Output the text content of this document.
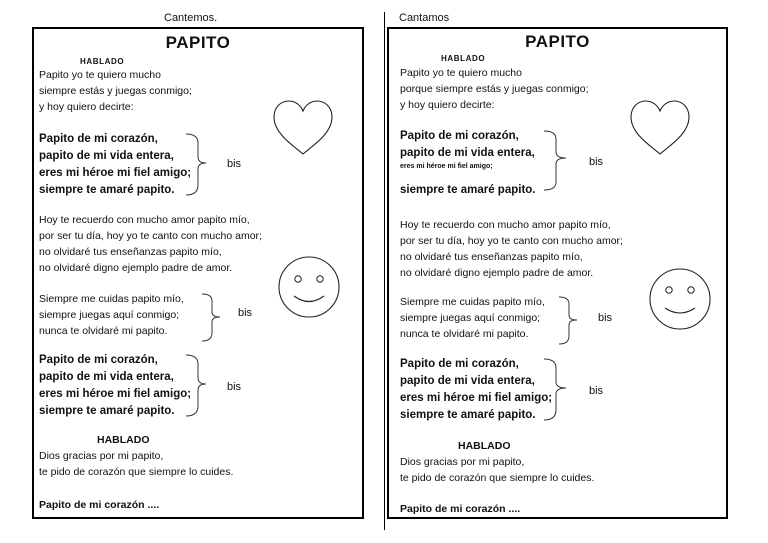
Cantemos.
PAPITO
HABLADO
Papito yo te quiero mucho
siempre estás y juegas conmigo;
y hoy quiero decirte:
Papito de mi corazón,
papito de mi vida entera,
eres mi héroe mi fiel amigo;
siempre te amaré papito.
bis
Hoy te recuerdo con mucho amor papito mío,
por ser tu día, hoy yo te canto con mucho amor;
no olvidaré tus enseñanzas papito mío,
no olvidaré digno ejemplo padre de amor.
Siempre me cuidas papito mío,
siempre juegas aquí conmigo;
nunca te olvidaré mi papito.
bis
Papito de mi corazón,
papito de mi vida entera,
eres mi héroe mi fiel amigo;
siempre te amaré papito.
bis
HABLADO
Dios gracias por mi papito,
te pido de corazón que siempre lo cuides.
Papito de mi corazón ....
Cantamos
PAPITO
HABLADO
Papito yo te quiero mucho
porque siempre estás y juegas conmigo;
y hoy quiero decirte:
Papito de mi corazón,
papito de mi vida entera,
eres mi héroe mi fiel amigo;
siempre te amaré papito.
bis
Hoy te recuerdo con mucho amor papito mío,
por ser tu día, hoy yo te canto con mucho amor;
no olvidaré tus enseñanzas papito mío,
no olvidaré digno ejemplo padre de amor.
Siempre me cuidas papito mío,
siempre juegas aquí conmigo;
nunca te olvidaré mi papito.
bis
Papito de mi corazón,
papito de mi vida entera,
eres mi héroe mi fiel amigo;
siempre te amaré papito.
bis
HABLADO
Dios gracias por mi papito,
te pido de corazón que siempre lo cuides.
Papito de mi corazón ....
